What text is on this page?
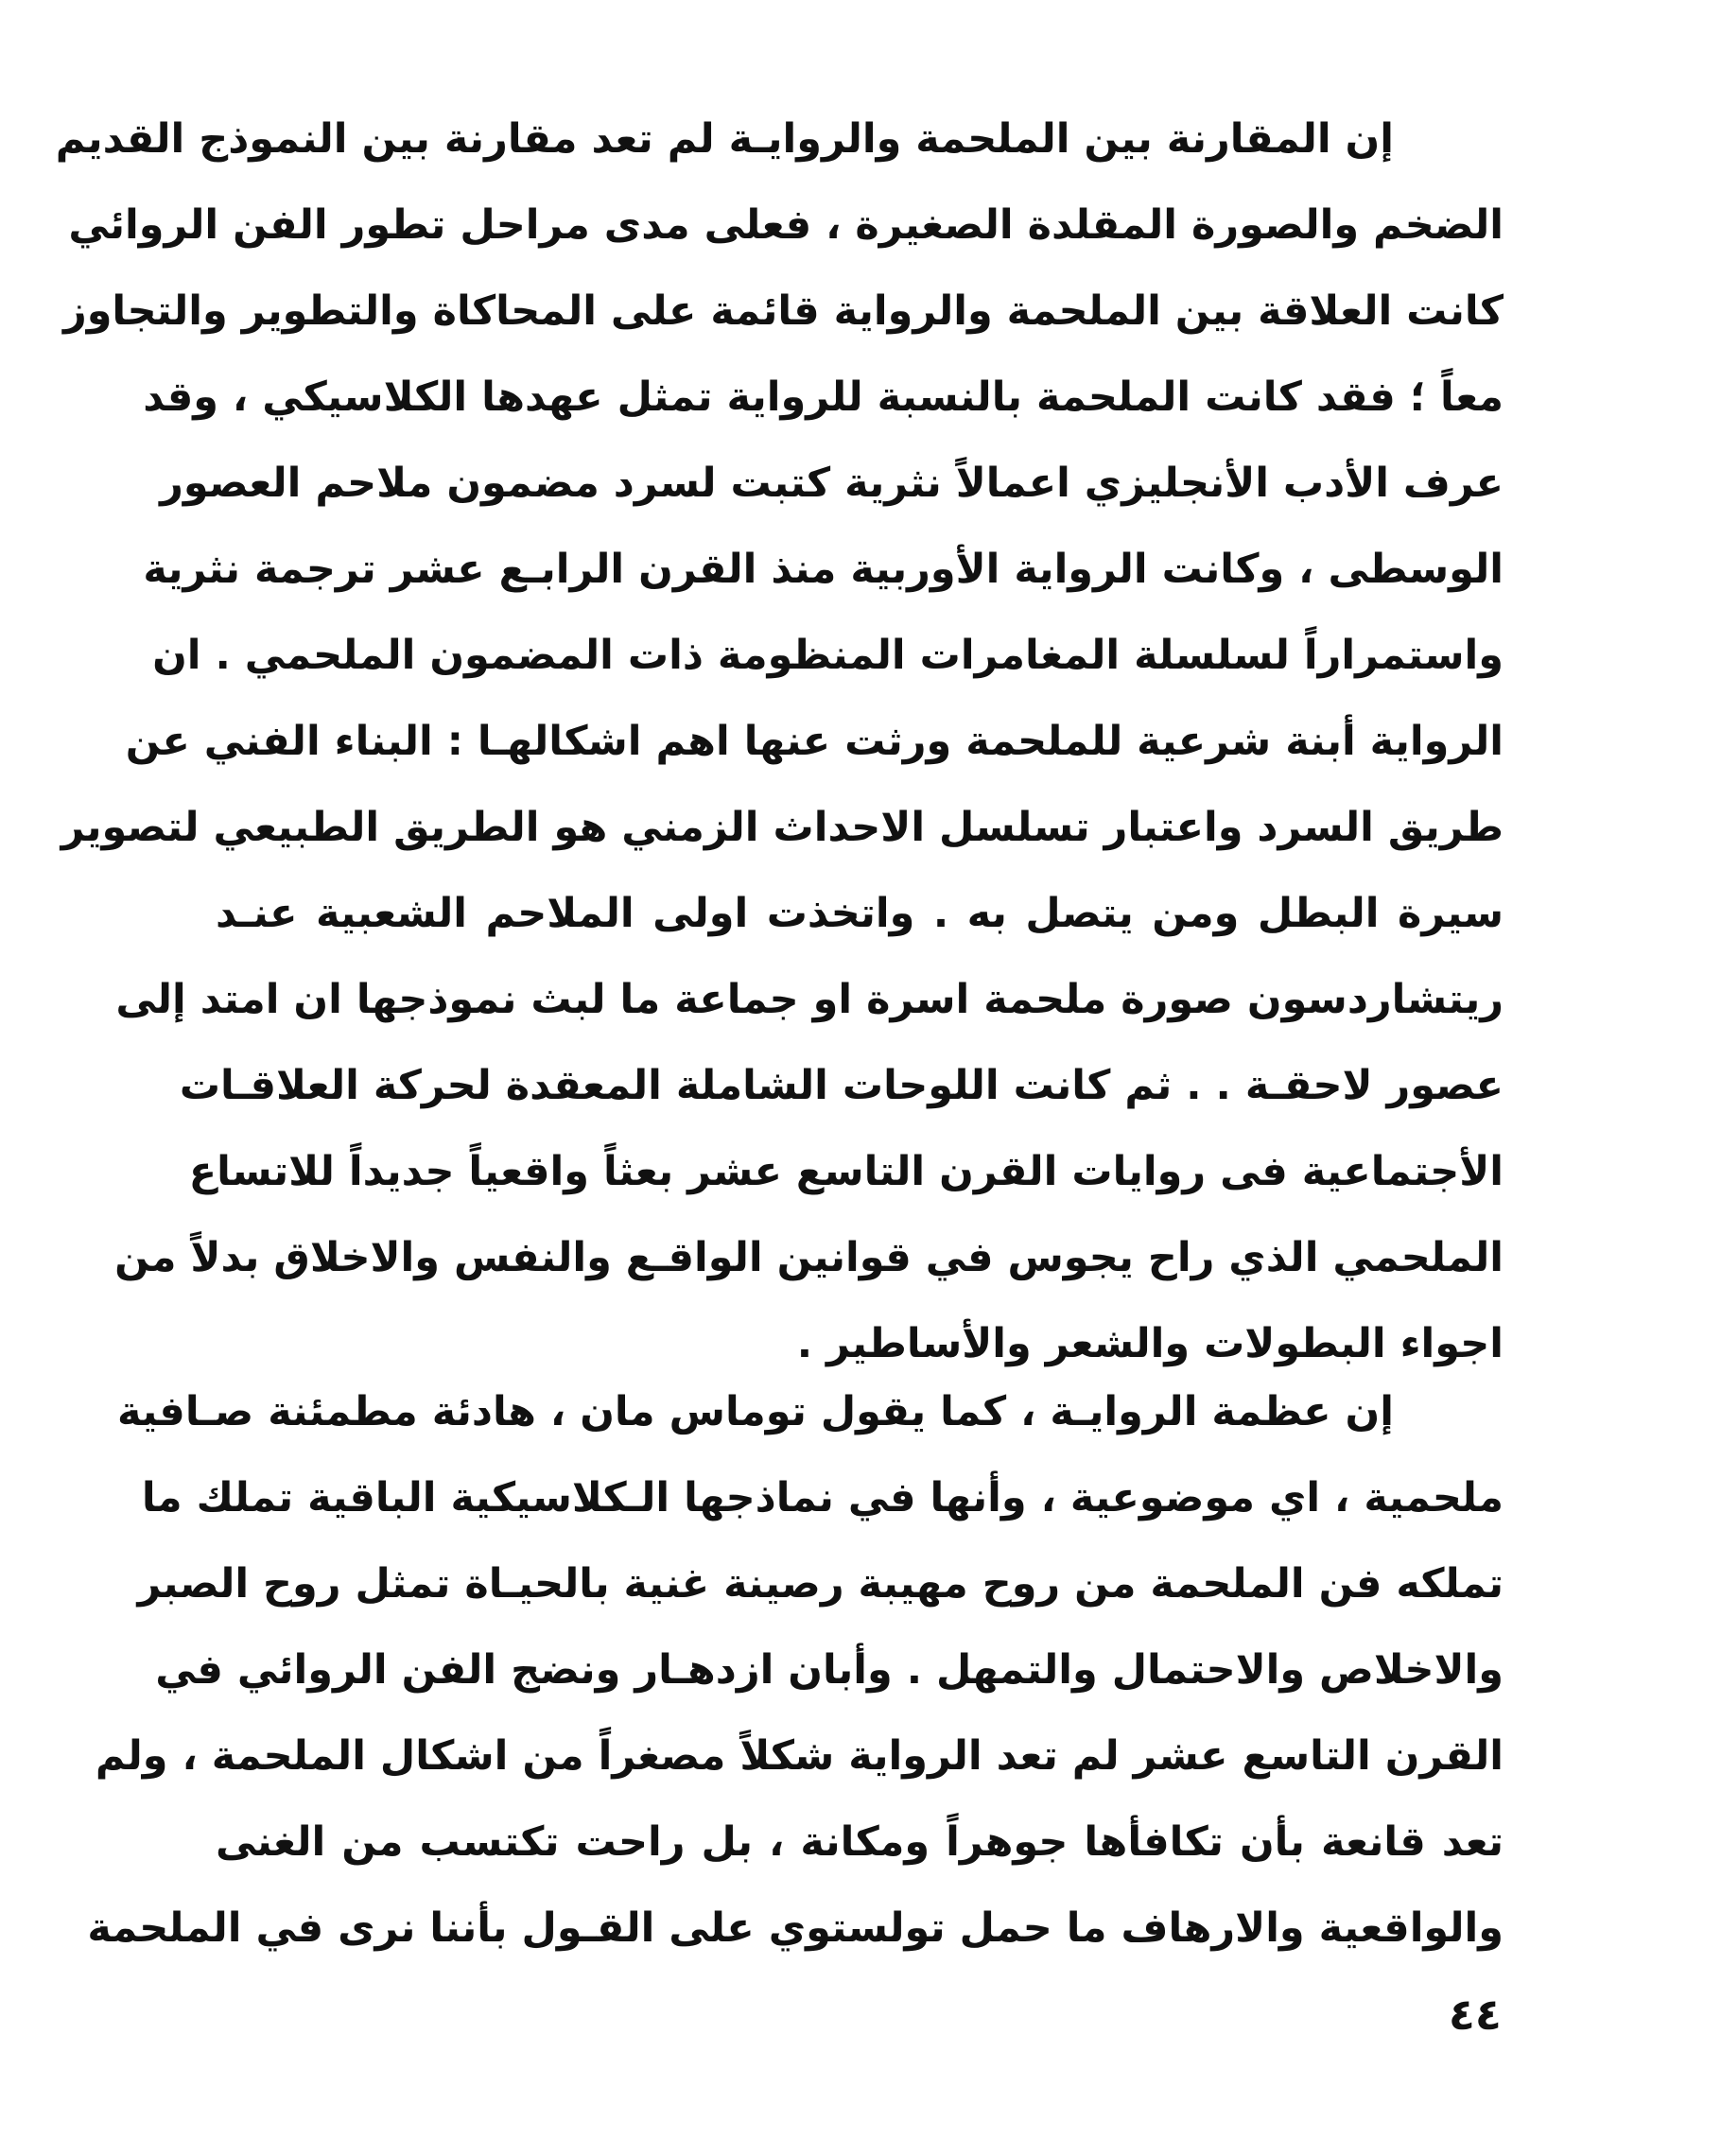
إن المقارنة بين الملحمة والروايـة لم تعد مقارنة بين النموذج القديم
الضخم والصورة المقلدة الصغيرة ، فعلى مدى مراحل تطور الفن الروائي
كانت العلاقة بين الملحمة والرواية قائمة على المحاكاة والتطوير والتجاوز
معاً ؛ فقد كانت الملحمة بالنسبة للرواية تمثل عهدها الكلاسيكي ، وقد
عرف الأدب الأنجليزي اعمالاً نثرية كتبت لسرد مضمون ملاحم العصور
الوسطى ، وكانت الرواية الأوربية منذ القرن الرابـع عشر ترجمة نثرية
واستمراراً لسلسلة المغامرات المنظومة ذات المضمون الملحمي . ان
الرواية أبنة شرعية للملحمة ورثت عنها اهم اشكالهـا : البناء الفني عن
طريق السرد واعتبار تسلسل الاحداث الزمني هو الطريق الطبيعي لتصوير
سيرة البطل ومن يتصل به . واتخذت اولى الملاحم الشعبية عنـد
ريتشاردسون صورة ملحمة اسرة او جماعة ما لبث نموذجها ان امتد إلى
عصور لاحقـة . . ثم كانت اللوحات الشاملة المعقدة لحركة العلاقـات
الأجتماعية فى روايات القرن التاسع عشر بعثاً واقعياً جديداً للاتساع
الملحمي الذي راح يجوس في قوانين الواقـع والنفس والاخلاق بدلاً من
اجواء البطولات والشعر والأساطير .
إن عظمة الروايـة ، كما يقول توماس مان ، هادئة مطمئنة صـافية
ملحمية ، اي موضوعية ، وأنها في نماذجها الـكلاسيكية الباقية تملك ما
تملكه فن الملحمة من روح مهيبة رصينة غنية بالحيـاة تمثل روح الصبر
والاخلاص والاحتمال والتمهل . وأبان ازدهـار ونضج الفن الروائي في
القرن التاسع عشر لم تعد الرواية شكلاً مصغراً من اشكال الملحمة ، ولم
تعد قانعة بأن تكافأها جوهراً ومكانة ، بل راحت تكتسب من الغنى
والواقعية والارهاف ما حمل تولستوي على القـول بأننا نرى في الملحمة
٤٤
